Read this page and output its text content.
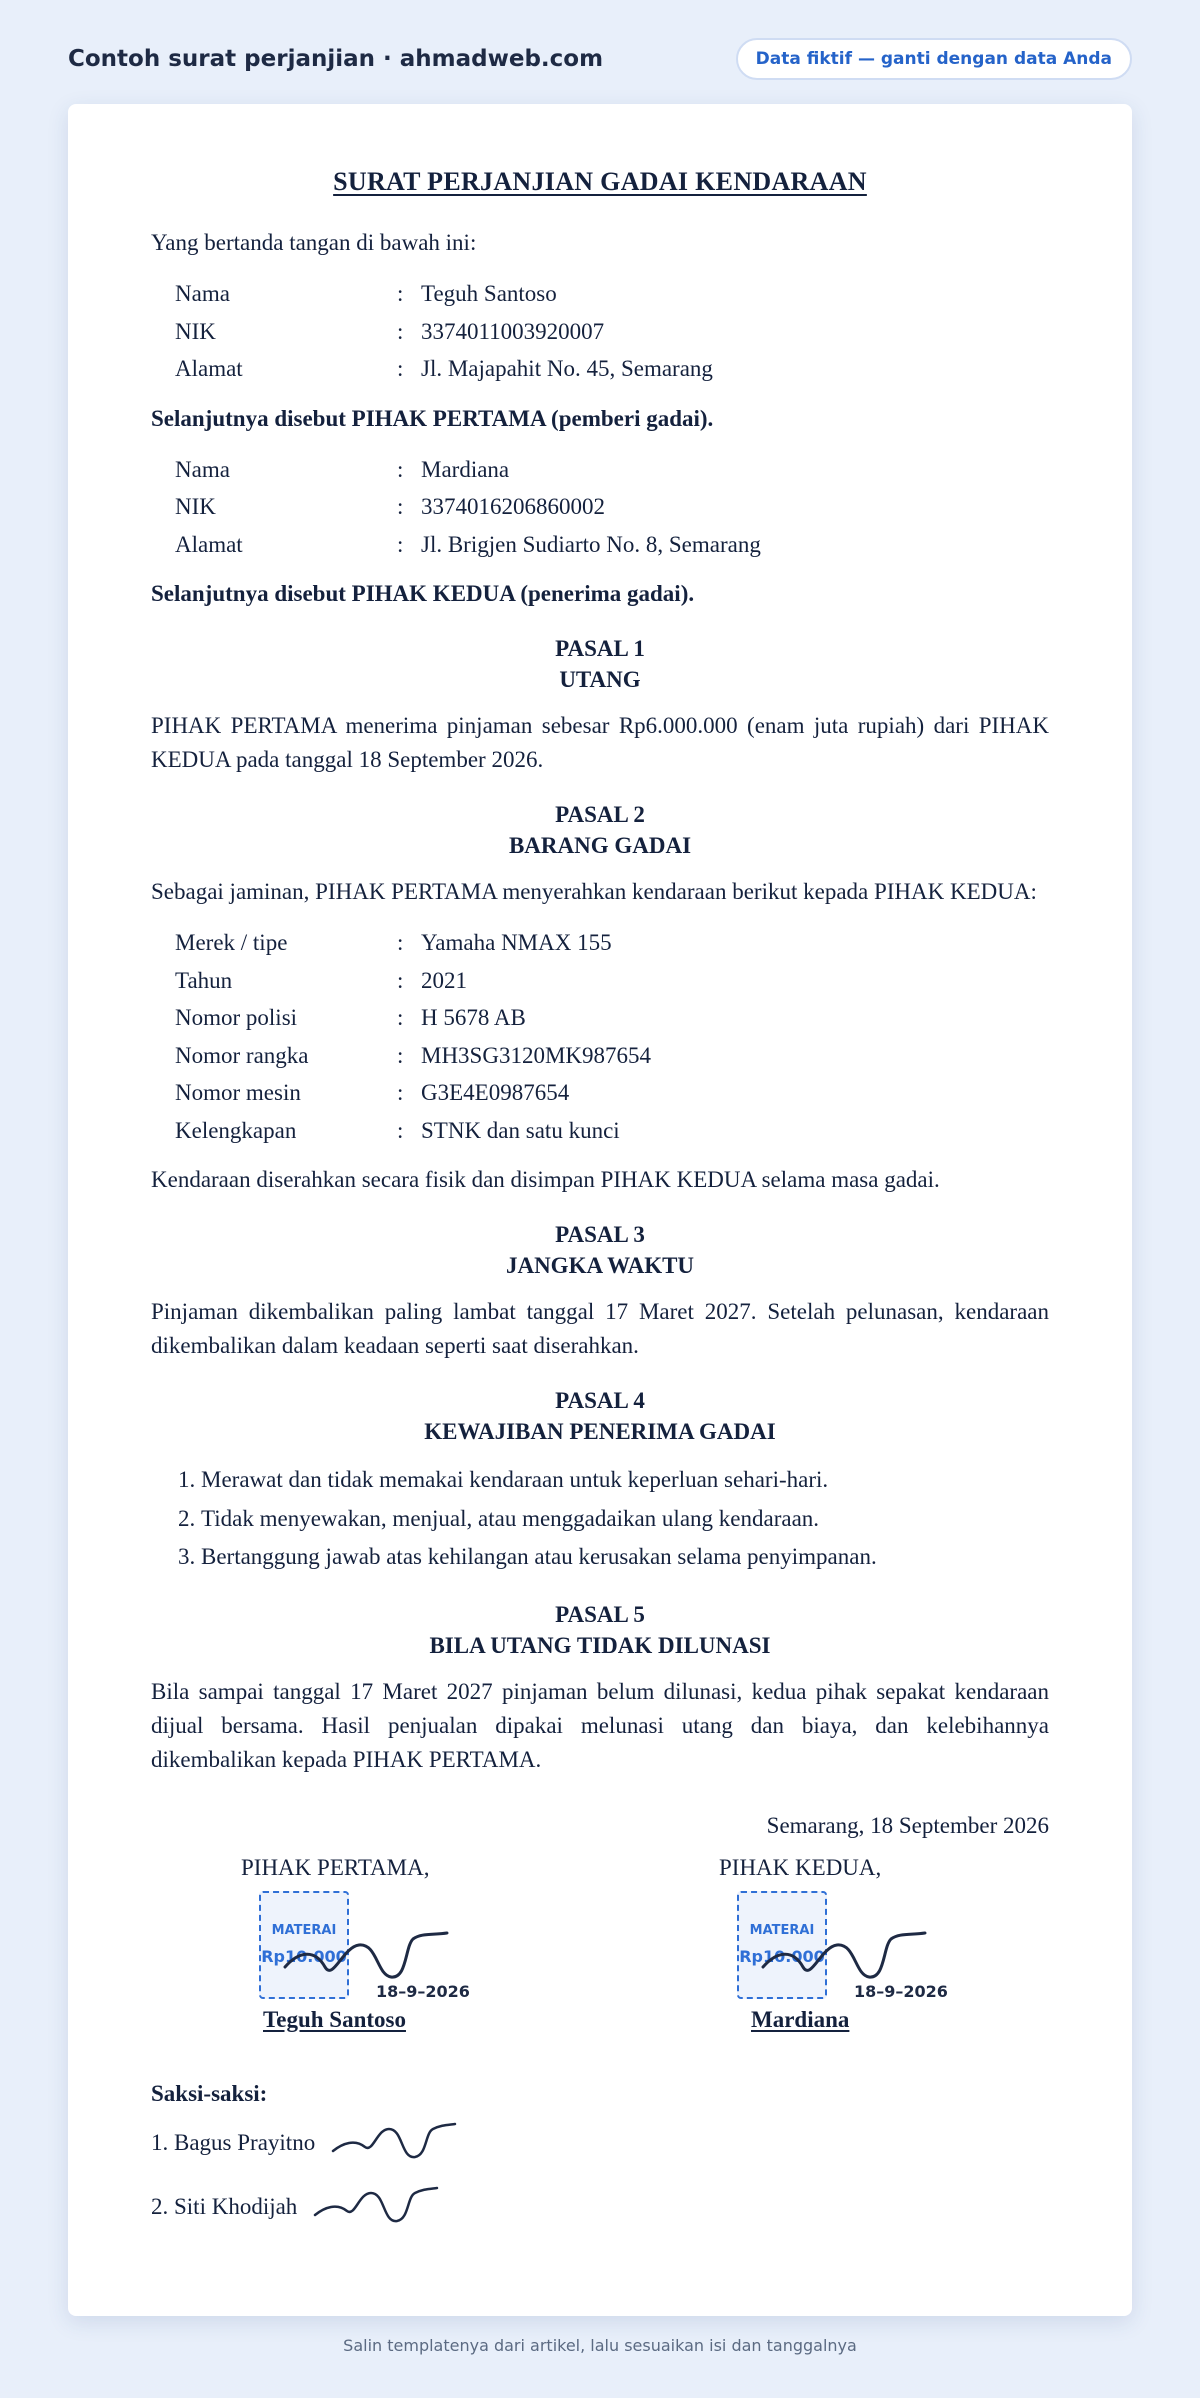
Contoh surat perjanjian · ahmadweb.com	Data fiktif — ganti dengan data Anda
SURAT PERJANJIAN GADAI KENDARAAN

Yang bertanda tangan di bawah ini:

Nama	: Teguh Santoso
NIK	: 3374011003920007
Alamat	: Jl. Majapahit No. 45, Semarang

Selanjutnya disebut PIHAK PERTAMA (pemberi gadai).

Nama	: Mardiana
NIK	: 3374016206860002
Alamat	: Jl. Brigjen Sudiarto No. 8, Semarang

Selanjutnya disebut PIHAK KEDUA (penerima gadai).

PASAL 1
UTANG

PIHAK PERTAMA menerima pinjaman sebesar Rp6.000.000 (enam juta rupiah) dari PIHAK KEDUA pada tanggal 18 September 2026.

PASAL 2
BARANG GADAI

Sebagai jaminan, PIHAK PERTAMA menyerahkan kendaraan berikut kepada PIHAK KEDUA:

Merek / tipe	: Yamaha NMAX 155
Tahun	: 2021
Nomor polisi	: H 5678 AB
Nomor rangka	: MH3SG3120MK987654
Nomor mesin	: G3E4E0987654
Kelengkapan	: STNK dan satu kunci

Kendaraan diserahkan secara fisik dan disimpan PIHAK KEDUA selama masa gadai.

PASAL 3
JANGKA WAKTU

Pinjaman dikembalikan paling lambat tanggal 17 Maret 2027. Setelah pelunasan, kendaraan dikembalikan dalam keadaan seperti saat diserahkan.

PASAL 4
KEWAJIBAN PENERIMA GADAI
1. Merawat dan tidak memakai kendaraan untuk keperluan sehari-hari.
2. Tidak menyewakan, menjual, atau menggadaikan ulang kendaraan.
3. Bertanggung jawab atas kehilangan atau kerusakan selama penyimpanan.
PASAL 5
BILA UTANG TIDAK DILUNASI

Bila sampai tanggal 17 Maret 2027 pinjaman belum dilunasi, kedua pihak sepakat kendaraan dijual bersama. Hasil penjualan dipakai melunasi utang dan biaya, dan kelebihannya dikembalikan kepada PIHAK PERTAMA.

Semarang, 18 September 2026

PIHAK PERTAMA,
MATERAI
Rp10.000
18–9–2026
Teguh Santoso
PIHAK KEDUA,
MATERAI
Rp10.000
18–9–2026
Mardiana

Saksi-saksi:

1. Bagus Prayitno
2. Siti Khodijah
Salin templatenya dari artikel, lalu sesuaikan isi dan tanggalnya
